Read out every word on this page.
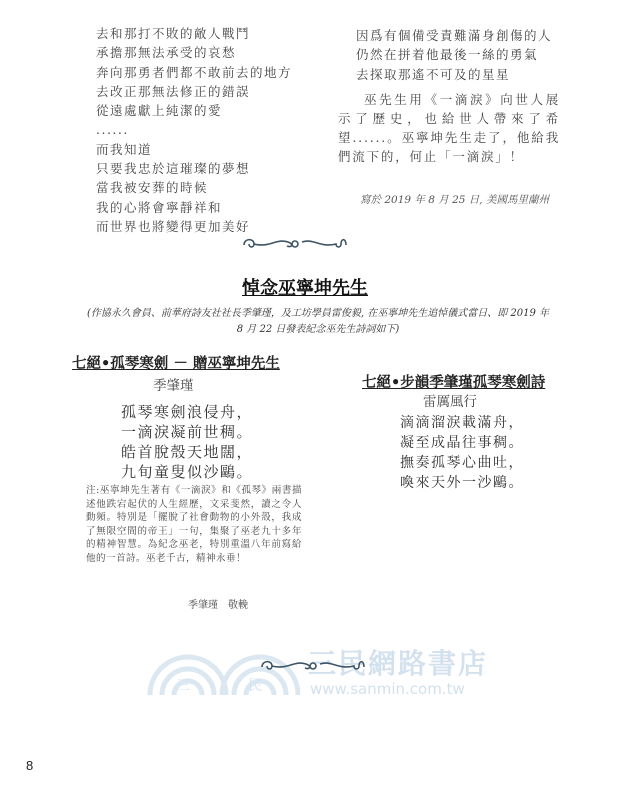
三	民
三民網路書店
www.sanmin.com.tw
去和那打不敗的敵人戰鬥
承擔那無法承受的哀愁
奔向那勇者們都不敢前去的地方
去改正那無法修正的錯誤
從遠處獻上純潔的愛
......
而我知道
只要我忠於這璀璨的夢想
當我被安葬的時候
我的心將會寧靜祥和
而世界也將變得更加美好
因爲有個備受責難滿身創傷的人
仍然在拼着他最後一絲的勇氣
去探取那遙不可及的星星
巫先生用《一滴淚》向世人展示了歷史，也給世人帶來了希望......。巫寧坤先生走了，他給我們流下的，何止「一滴淚」！
寫於 2019 年 8 月 25 日, 美國馬里蘭州
悼念巫寧坤先生
(作協永久會員、前華府詩友社社長季肇瑾，及工坊學員雷俊毅, 在巫寧坤先生追悼儀式當日、即 2019 年
8 月 22 日發表紀念巫先生詩詞如下)
七絕•孤琴寒劍 － 贈巫寧坤先生
季肇瑾
孤琴寒劍浪侵舟，
一滴淚凝前世稠。
皓首脫殼天地闊，
九旬童叟似沙鷗。
注:巫寧坤先生著有《一滴淚》和《孤琴》兩書描述他跌宕起伏的人生經歷，文采斐然，讀之令人動頻。特別是「擺脫了社會動物的小外殼，我成了無限空間的帝王」一句，集聚了巫老九十多年的精神智慧。為紀念巫老，特別重溫八年前寫給他的一首詩。巫老千古，精神永垂！
季肇瑾　敬輓
七絕•步韻季肇瑾孤琴寒劍詩
雷厲風行
滴滴溜淚載滿舟，
凝至成晶往事稠。
撫奏孤琴心曲吐，
喚來天外一沙鷗。
8
